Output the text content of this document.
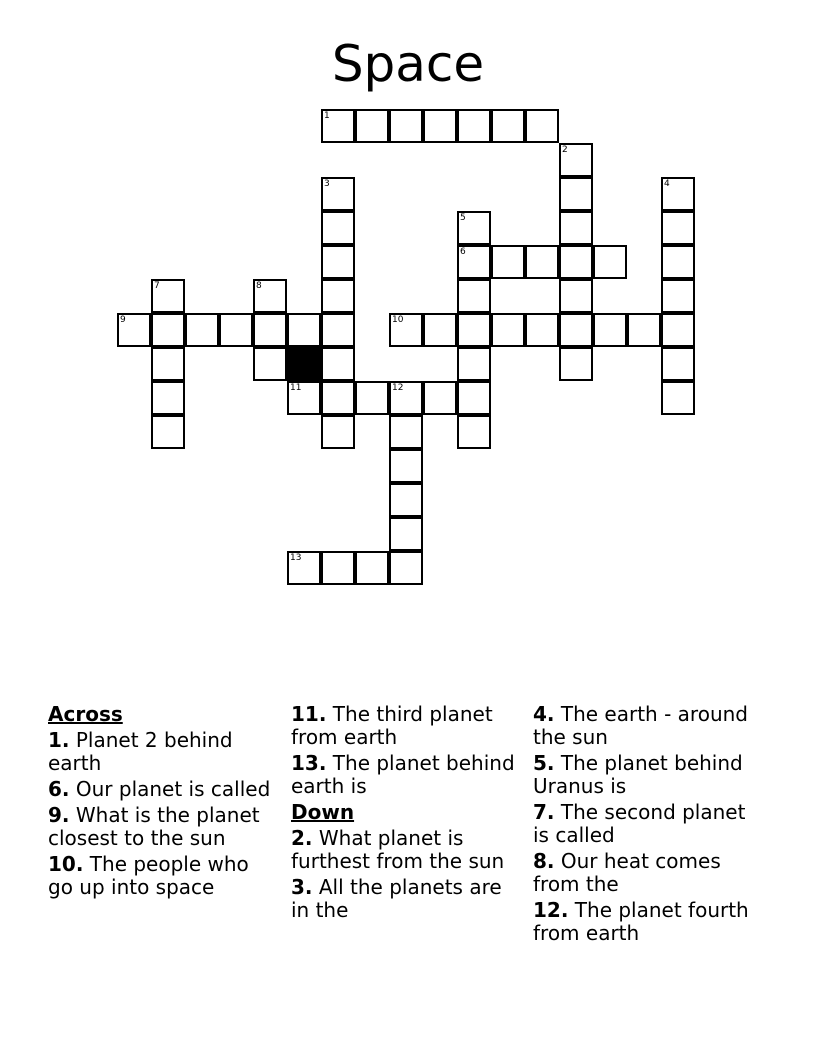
Space
1
2
3	4
5
6
7	8
9	10
11	12
13
Across
1. Planet 2 behind earth
6. Our planet is called
9. What is the planet closest to the sun
10. The people who go up into space
11. The third planet from earth
13. The planet behind earth is
Down
2. What planet is furthest from the sun
3. All the planets are in the
4. The earth - around the sun
5. The planet behind Uranus is
7. The second planet is called
8. Our heat comes from the
12. The planet fourth from earth
